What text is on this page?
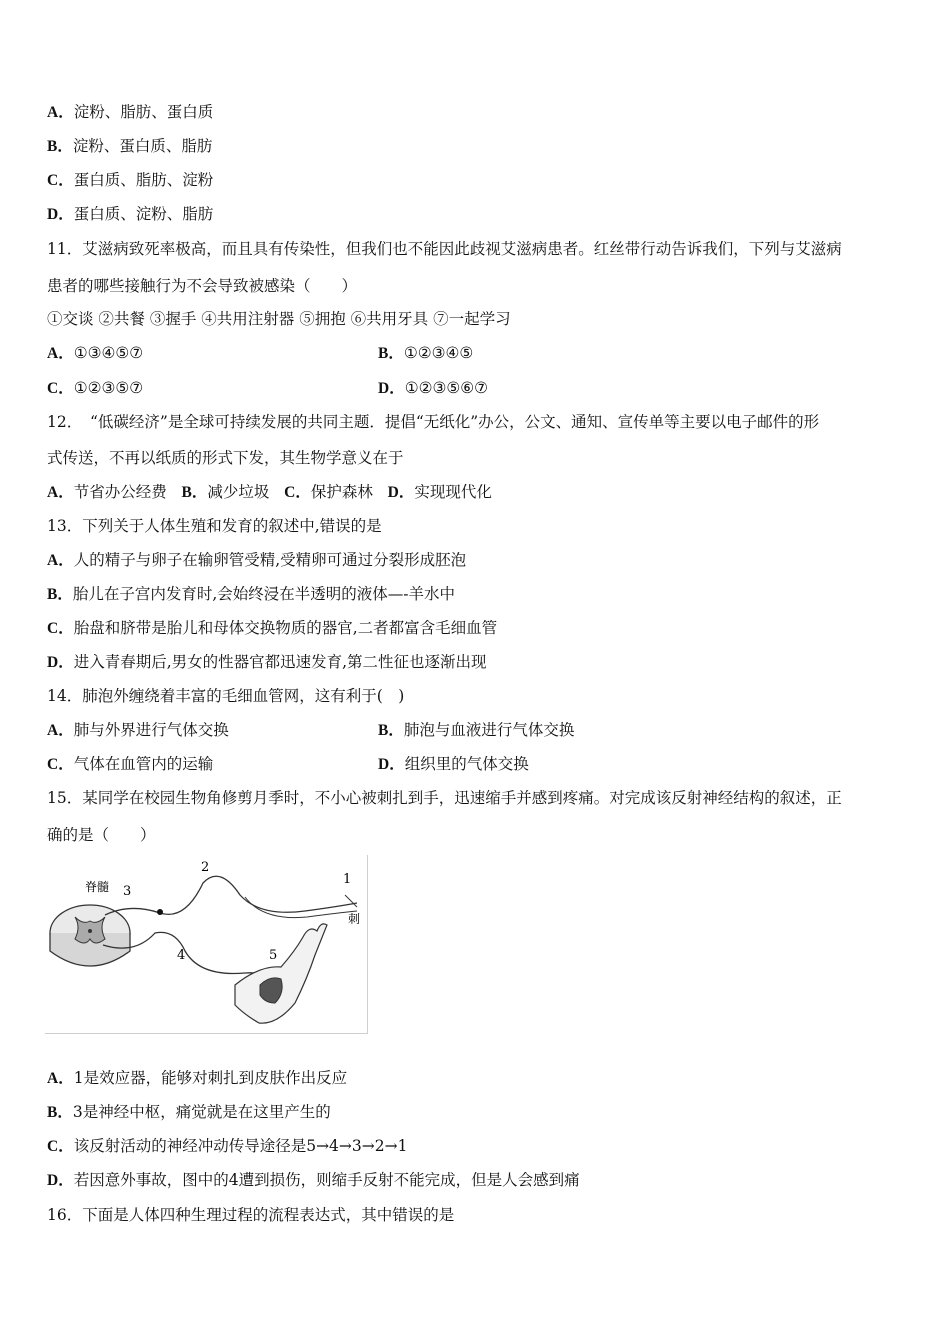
A．淀粉、脂肪、蛋白质
B．淀粉、蛋白质、脂肪
C．蛋白质、脂肪、淀粉
D．蛋白质、淀粉、脂肪
11．艾滋病致死率极高，而且具有传染性，但我们也不能因此歧视艾滋病患者。红丝带行动告诉我们，下列与艾滋病
患者的哪些接触行为不会导致被感染（　　）
①交谈 ②共餐 ③握手 ④共用注射器 ⑤拥抱 ⑥共用牙具 ⑦一起学习
A．①③④⑤⑦	B．①②③④⑤
C．①②③⑤⑦	D．①②③⑤⑥⑦
12．　“低碳经济”是全球可持续发展的共同主题．提倡“无纸化”办公，公文、通知、宣传单等主要以电子邮件的形
式传送，不再以纸质的形式下发，其生物学意义在于
A．节省办公经费 B．减少垃圾 C．保护森林 D．实现现代化
13．下列关于人体生殖和发育的叙述中,错误的是
A．人的精子与卵子在输卵管受精,受精卵可通过分裂形成胚泡
B．胎儿在子宫内发育时,会始终浸在半透明的液体—-羊水中
C．胎盘和脐带是胎儿和母体交换物质的器官,二者都富含毛细血管
D．进入青春期后,男女的性器官都迅速发育,第二性征也逐渐出现
14．肺泡外缠绕着丰富的毛细血管网，这有利于(　)
A．肺与外界进行气体交换	B．肺泡与血液进行气体交换
C．气体在血管内的运输	D．组织里的气体交换
15．某同学在校园生物角修剪月季时，不小心被刺扎到手，迅速缩手并感到疼痛。对完成该反射神经结构的叙述，正
确的是（　　）
脊髓 3
2
1
刺
4	5
A．1是效应器，能够对刺扎到皮肤作出反应
B．3是神经中枢，痛觉就是在这里产生的
C．该反射活动的神经冲动传导途径是5→4→3→2→1
D．若因意外事故，图中的4遭到损伤，则缩手反射不能完成，但是人会感到痛
16．下面是人体四种生理过程的流程表达式，其中错误的是
